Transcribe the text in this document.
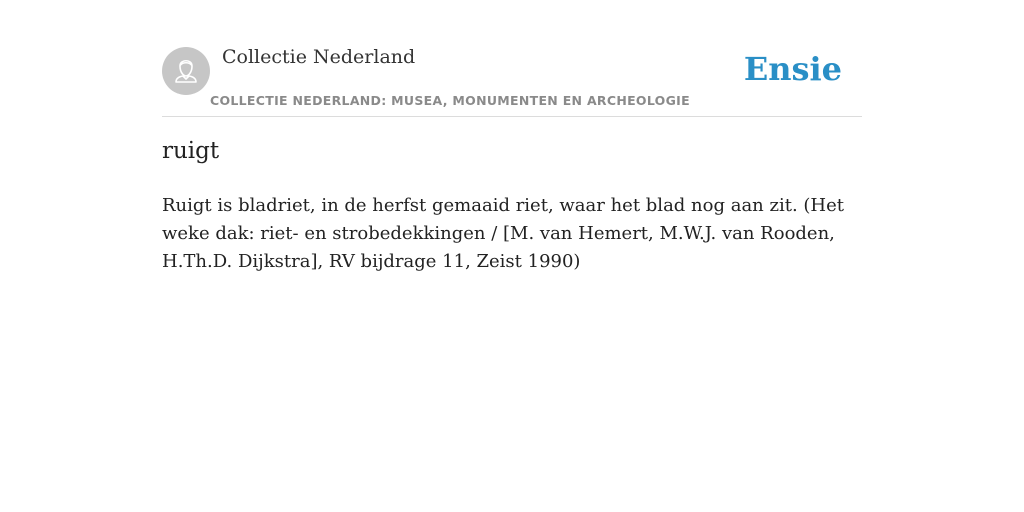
Collectie Nederland
COLLECTIE NEDERLAND: MUSEA, MONUMENTEN EN ARCHEOLOGIE
Ensie
ruigt

Ruigt is bladriet, in de herfst gemaaid riet, waar het blad nog aan zit. (Het weke dak: riet- en strobedekkingen / [M. van Hemert, M.W.J. van Rooden, H.Th.D. Dijkstra], RV bijdrage 11, Zeist 1990)
